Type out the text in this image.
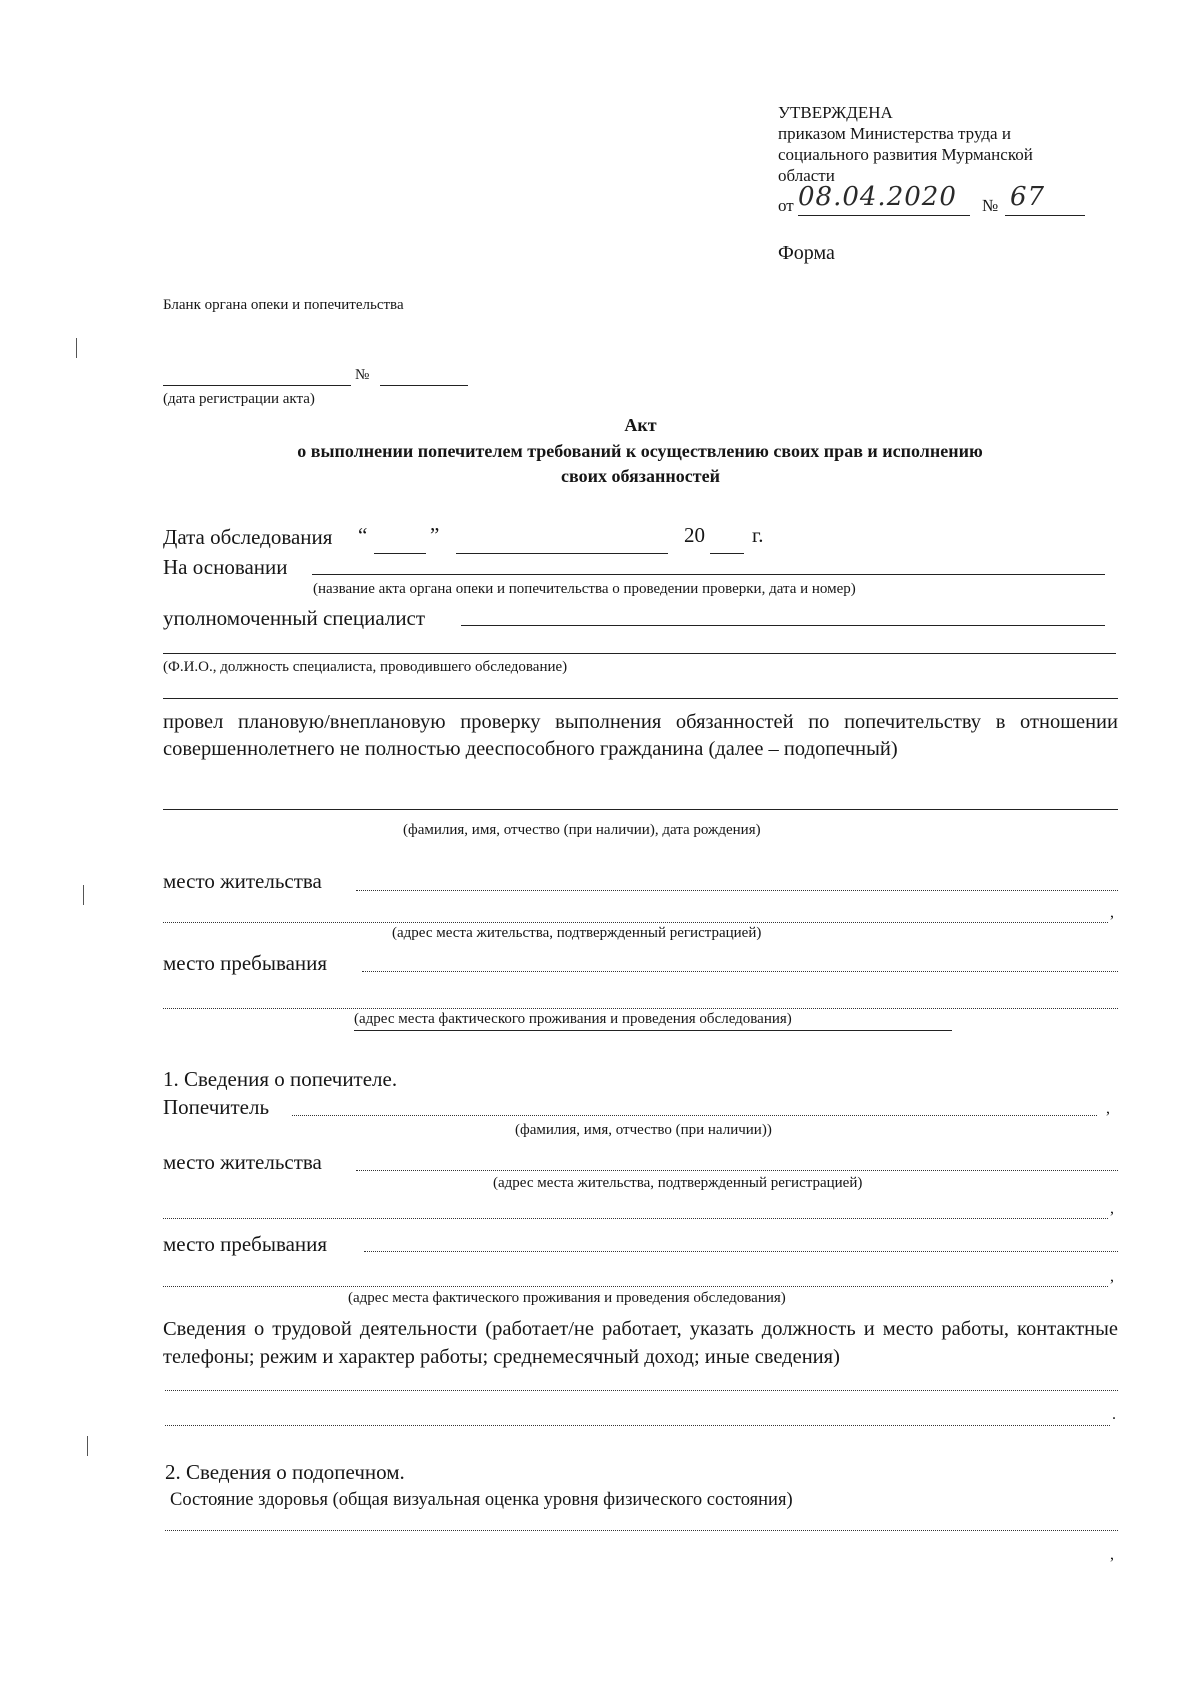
УТВЕРЖДЕНА
приказом Министерства труда и
социального развития Мурманской
области
от 08.04.2020 № 67
Форма
Бланк органа опеки и попечительства
№
(дата регистрации акта)
Акт
о выполнении попечителем требований к осуществлению своих прав и исполнению
своих обязанностей
Дата обследования “	”	20 г.
На основании
(название акта органа опеки и попечительства о проведении проверки, дата и номер)
уполномоченный специалист
(Ф.И.О., должность специалиста, проводившего обследование)
провел плановую/внеплановую проверку выполнения обязанностей по попечительству в отношении совершеннолетнего не полностью дееспособного гражданина (далее – подопечный)
(фамилия, имя, отчество (при наличии), дата рождения)
место жительства
,
(адрес места жительства, подтвержденный регистрацией)
место пребывания
(адрес места фактического проживания и проведения обследования)
1. Сведения о попечителе.
Попечитель	,
(фамилия, имя, отчество (при наличии))
место жительства
(адрес места жительства, подтвержденный регистрацией)
,
место пребывания
,
(адрес места фактического проживания и проведения обследования)
Сведения о трудовой деятельности (работает/не работает, указать должность и место работы, контактные телефоны; режим и характер работы; среднемесячный доход; иные сведения)
.
2. Сведения о подопечном.
Состояние здоровья (общая визуальная оценка уровня физического состояния)
,
